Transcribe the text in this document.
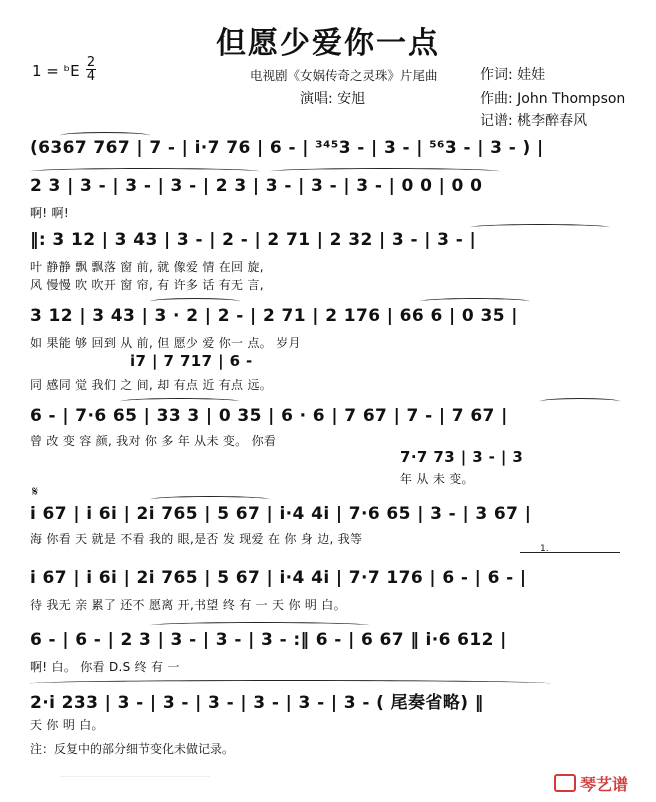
但愿少爱你一点
1 = ᵇE 2
4	电视剧《女娲传奇之灵珠》片尾曲	作词: 娃娃
演唱: 安旭	作曲: John Thompson
记谱: 桃李醉春风
(6367 767 | 7 - | i·7 76 | 6 - | ³⁴⁵3 - | 3 - | ⁵⁶3 - | 3 - ) |
2 3 | 3 - | 3 - | 3 - | 2 3 | 3 - | 3 - | 3 - | 0 0 | 0 0
啊! 啊!
‖: 3 12 | 3 43 | 3 - | 2 - | 2 71 | 2 32 | 3 - | 3 - |
叶 静静 飘 飘落 窗 前, 就 像爱 情 在回 旋,
风 慢慢 吹 吹开 窗 帘, 有 许多 话 有无 言,
3 12 | 3 43 | 3 · 2 | 2 - | 2 71 | 2 176 | 66 6 | 0 35 |
如 果能 够 回到 从 前, 但 愿少 爱 你一 点。 岁月
i7 | 7 717 | 6 -
同 感同 觉 我们 之 间, 却 有点 近 有点 远。
6 - | 7·6 65 | 33 3 | 0 35 | 6 · 6 | 7 67 | 7 - | 7 67 |
曾 改 变 容 颜, 我对 你 多 年 从未 变。 你看
7·7 73 | 3 - | 3
年 从 未 变。
𝄋
i 67 | i 6i | 2i 765 | 5 67 | i·4 4i | 7·6 65 | 3 - | 3 67 |
海 你看 天 就是 不看 我的 眼,是否 发 现爱 在 你 身 边, 我等
1.
i 67 | i 6i | 2i 765 | 5 67 | i·4 4i | 7·7 176 | 6 - | 6 - |
待 我无 亲 累了 还不 愿离 开,书望 终 有 一 天 你 明 白。
6 - | 6 - | 2 3 | 3 - | 3 - | 3 - :‖ 6 - | 6 67 ‖ i·6 612 |
啊! 白。 你看 D.S 终 有 一
2·i 233 | 3 - | 3 - | 3 - | 3 - | 3 - | 3 - ( 尾奏省略) ‖
天 你 明 白。
注：反复中的部分细节变化未做记录。
琴艺谱
